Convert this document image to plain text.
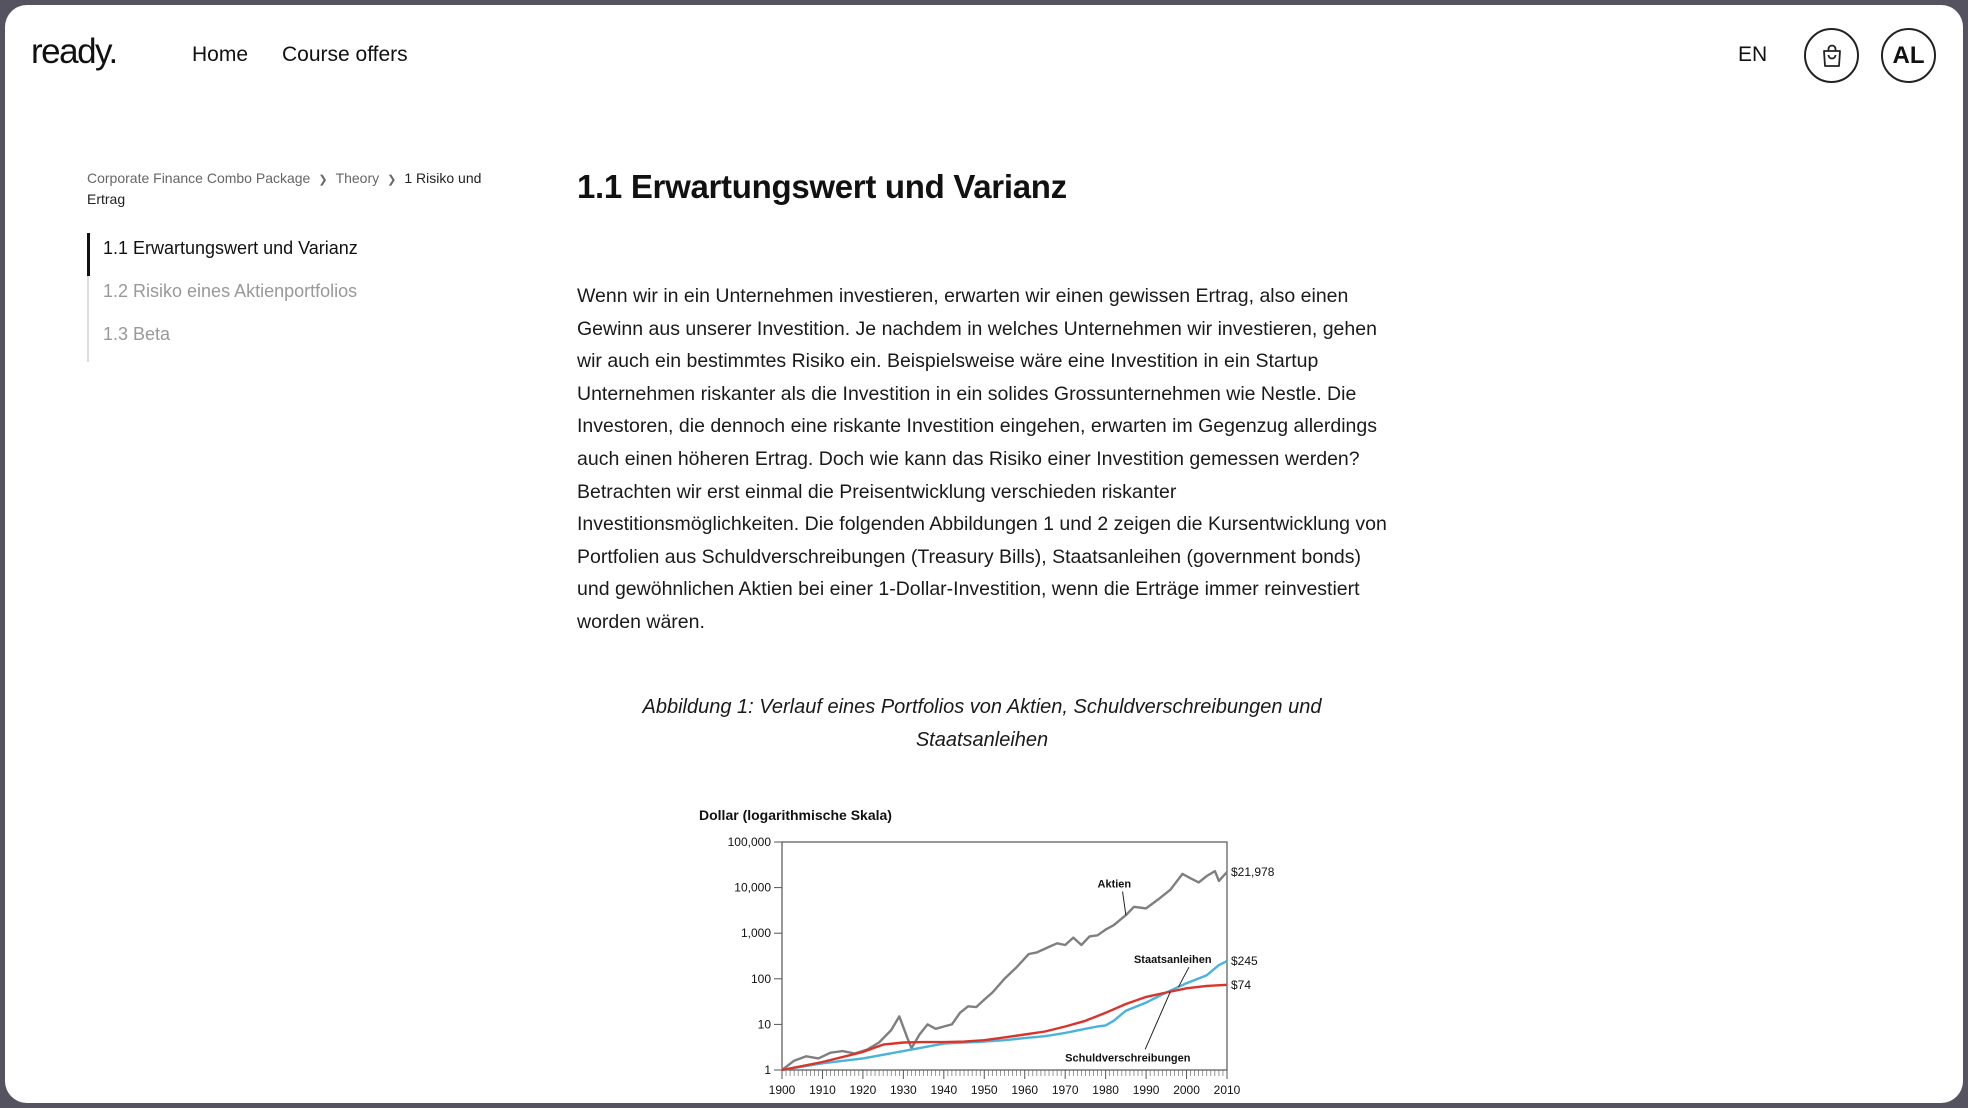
ready.	Home Course offers	EN	AL
Corporate Finance Combo Package ❯ Theory ❯ 1 Risiko und Ertrag
1.1 Erwartungswert und Varianz
1.2 Risiko eines Aktienportfolios
1.3 Beta
1.1 Erwartungswert und Varianz

Wenn wir in ein Unternehmen investieren, erwarten wir einen gewissen Ertrag, also einen Gewinn aus unserer Investition. Je nachdem in welches Unternehmen wir investieren, gehen wir auch ein bestimmtes Risiko ein. Beispielsweise wäre eine Investition in ein Startup Unternehmen riskanter als die Investition in ein solides Grossunternehmen wie Nestle. Die Investoren, die dennoch eine riskante Investition eingehen, erwarten im Gegenzug allerdings auch einen höheren Ertrag. Doch wie kann das Risiko einer Investition gemessen werden? Betrachten wir erst einmal die Preisentwicklung verschieden riskanter Investitionsmöglichkeiten. Die folgenden Abbildungen 1 und 2 zeigen die Kursentwicklung von Portfolien aus Schuldverschreibungen (Treasury Bills), Staatsanleihen (government bonds) und gewöhnlichen Aktien bei einer 1-Dollar-Investition, wenn die Erträge immer reinvestiert worden wären.

Abbildung 1: Verlauf eines Portfolios von Aktien, Schuldverschreibungen und Staatsanleihen

Dollar (logarithmische Skala)
1
10
100
1,000
10,000
100,000
1900 1910 1920 1930 1940 1950 1960 1970 1980 1990 2000 2010
$21,978
$245
$74
Aktien
Staatsanleihen
Schuldverschreibungen
